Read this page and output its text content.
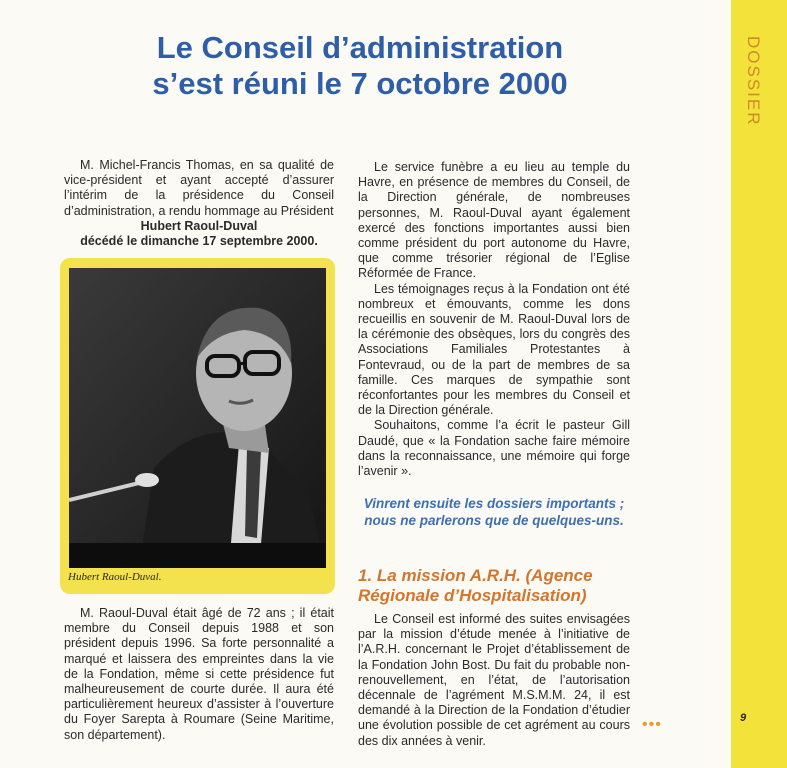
DOSSIER
Le Conseil d’administration
s’est réuni le 7 octobre 2000

M. Michel-Francis Thomas, en sa qualité de vice-président et ayant accepté d’assurer l’intérim de la présidence du Conseil d’administration, a rendu hommage au Président

Hubert Raoul-Duval
décédé le dimanche 17 septembre 2000.
Hubert Raoul-Duval.

M. Raoul-Duval était âgé de 72 ans ; il était membre du Conseil depuis 1988 et son président depuis 1996. Sa forte personnalité a marqué et laissera des empreintes dans la vie de la Fondation, même si cette présidence fut malheureusement de courte durée. Il aura été particulièrement heureux d’assister à l’ouverture du Foyer Sarepta à Roumare (Seine Maritime, son département).

Le service funèbre a eu lieu au temple du Havre, en présence de membres du Conseil, de la Direction générale, de nombreuses personnes, M. Raoul-Duval ayant également exercé des fonctions importantes aussi bien comme président du port autonome du Havre, que comme trésorier régional de l’Eglise Réformée de France.

Les témoignages reçus à la Fondation ont été nombreux et émouvants, comme les dons recueillis en souvenir de M. Raoul-Duval lors de la cérémonie des obsèques, lors du congrès des Associations Familiales Protestantes à Fontevraud, ou de la part de membres de sa famille. Ces marques de sympathie sont réconfortantes pour les membres du Conseil et de la Direction générale.

Souhaitons, comme l’a écrit le pasteur Gill Daudé, que « la Fondation sache faire mémoire dans la reconnaissance, une mémoire qui forge l’avenir ».

Vinrent ensuite les dossiers importants ;
nous ne parlerons que de quelques-uns.
1. La mission A.R.H. (Agence
Régionale d’Hospitalisation)

Le Conseil est informé des suites envisagées par la mission d’étude menée à l’initiative de l’A.R.H. concernant le Projet d’établissement de la Fondation John Bost. Du fait du probable non-renouvellement, en l’état, de l’autorisation décennale de l’agrément M.S.M.M. 24, il est demandé à la Direction de la Fondation d’étudier une évolution possible de cet agrément au cours des dix années à venir.

•••	9
